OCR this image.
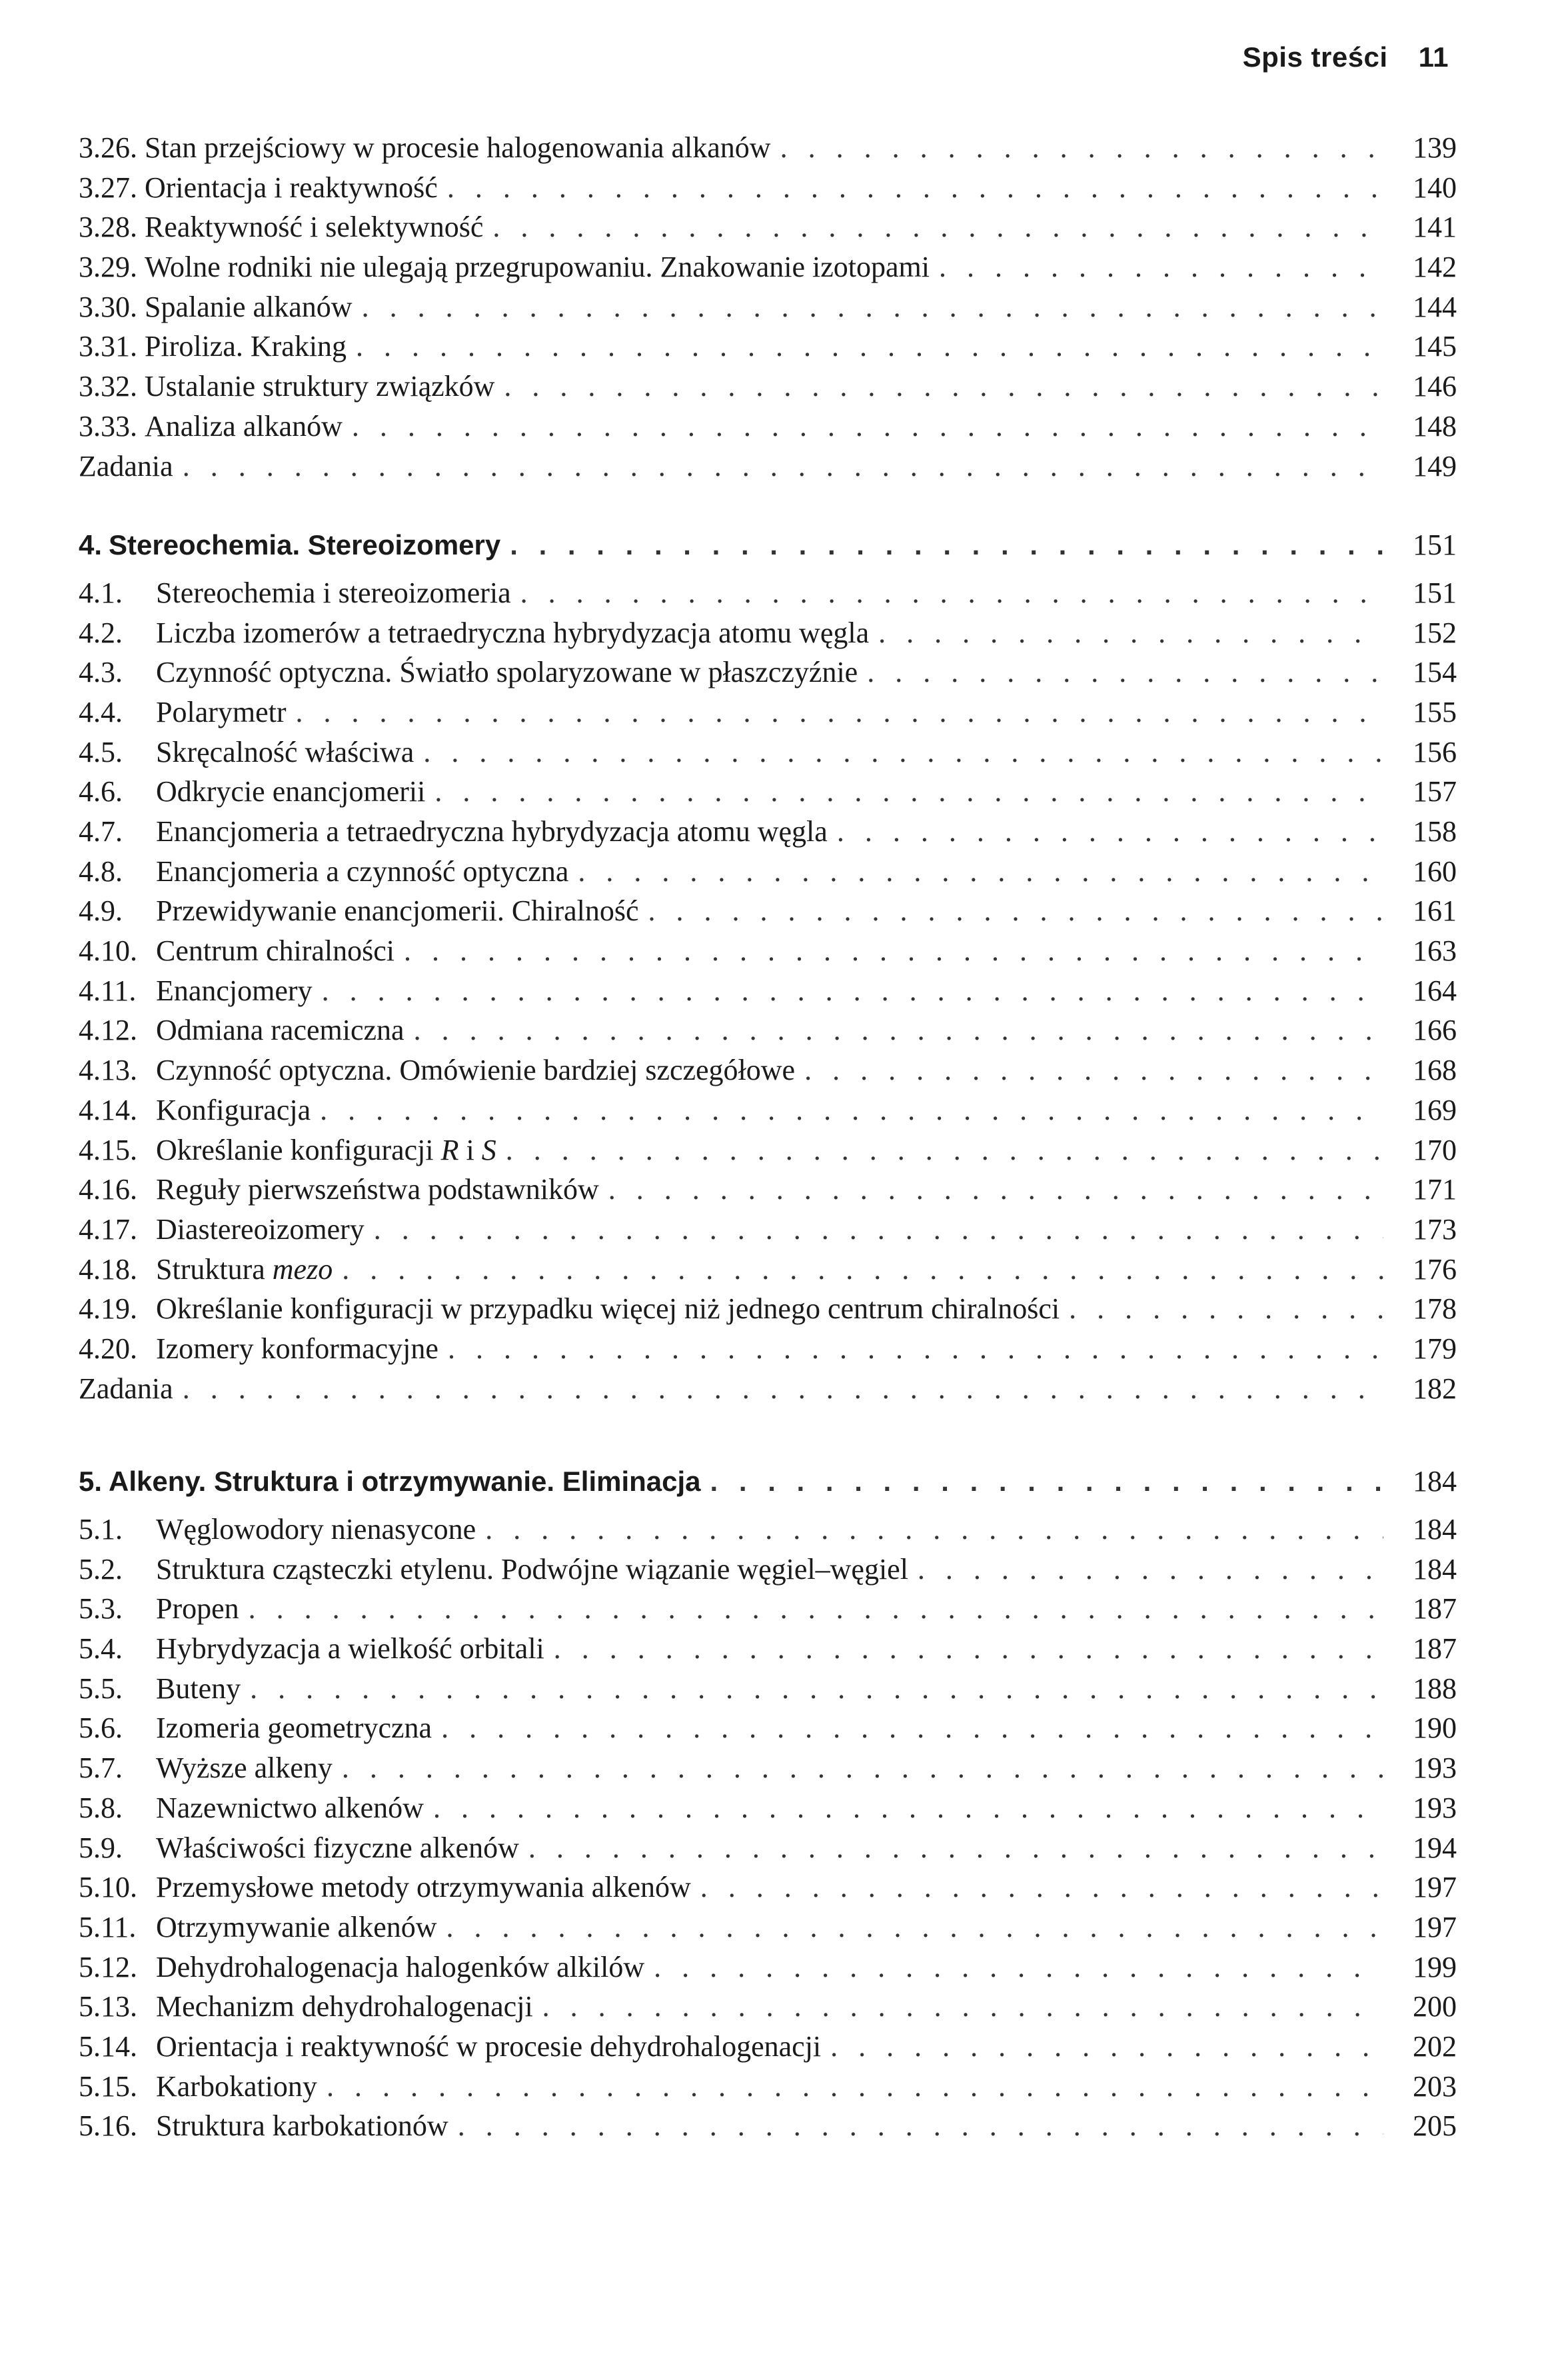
Spis treści 11
3.26. Stan przejściowy w procesie halogenowania alkanów . . .	139
3.27. Orientacja i reaktywność . . .	140
3.28. Reaktywność i selektywność . . .	141
3.29. Wolne rodniki nie ulegają przegrupowaniu. Znakowanie izotopami . . .	142
3.30. Spalanie alkanów . . .	144
3.31. Piroliza. Kraking . . .	145
3.32. Ustalanie struktury związków . . .	146
3.33. Analiza alkanów . . .	148
Zadania . . .	149
4. Stereochemia. Stereoizomery . . .	151
4.1.	Stereochemia i stereoizomeria . . .	151
4.2.	Liczba izomerów a tetraedryczna hybrydyzacja atomu węgla . . .	152
4.3.	Czynność optyczna. Światło spolaryzowane w płaszczyźnie . . .	154
4.4.	Polarymetr . . .	155
4.5.	Skręcalność właściwa . . .	156
4.6.	Odkrycie enancjomerii . . .	157
4.7.	Enancjomeria a tetraedryczna hybrydyzacja atomu węgla . . .	158
4.8.	Enancjomeria a czynność optyczna . . .	160
4.9.	Przewidywanie enancjomerii. Chiralność . . .	161
4.10. Centrum chiralności . . .	163
4.11. Enancjomery . . .	164
4.12. Odmiana racemiczna . . .	166
4.13. Czynność optyczna. Omówienie bardziej szczegółowe . . .	168
4.14. Konfiguracja . . .	169
4.15. Określanie konfiguracji R i S . . .	170
4.16. Reguły pierwszeństwa podstawników . . .	171
4.17. Diastereoizomery . . .	173
4.18. Struktura mezo . . .	176
4.19. Określanie konfiguracji w przypadku więcej niż jednego centrum chiralności . . .	178
4.20. Izomery konformacyjne . . .	179
Zadania . . .	182
5. Alkeny. Struktura i otrzymywanie. Eliminacja . . .	184
5.1.	Węglowodory nienasycone . . .	184
5.2.	Struktura cząsteczki etylenu. Podwójne wiązanie węgiel–węgiel . . .	184
5.3.	Propen . . .	187
5.4.	Hybrydyzacja a wielkość orbitali . . .	187
5.5.	Buteny . . .	188
5.6.	Izomeria geometryczna . . .	190
5.7.	Wyższe alkeny . . .	193
5.8.	Nazewnictwo alkenów . . .	193
5.9.	Właściwości fizyczne alkenów . . .	194
5.10. Przemysłowe metody otrzymywania alkenów . . .	197
5.11. Otrzymywanie alkenów . . .	197
5.12. Dehydrohalogenacja halogenków alkilów . . .	199
5.13. Mechanizm dehydrohalogenacji . . .	200
5.14. Orientacja i reaktywność w procesie dehydrohalogenacji . . .	202
5.15. Karbokationy . . .	203
5.16. Struktura karbokationów . . .	205
